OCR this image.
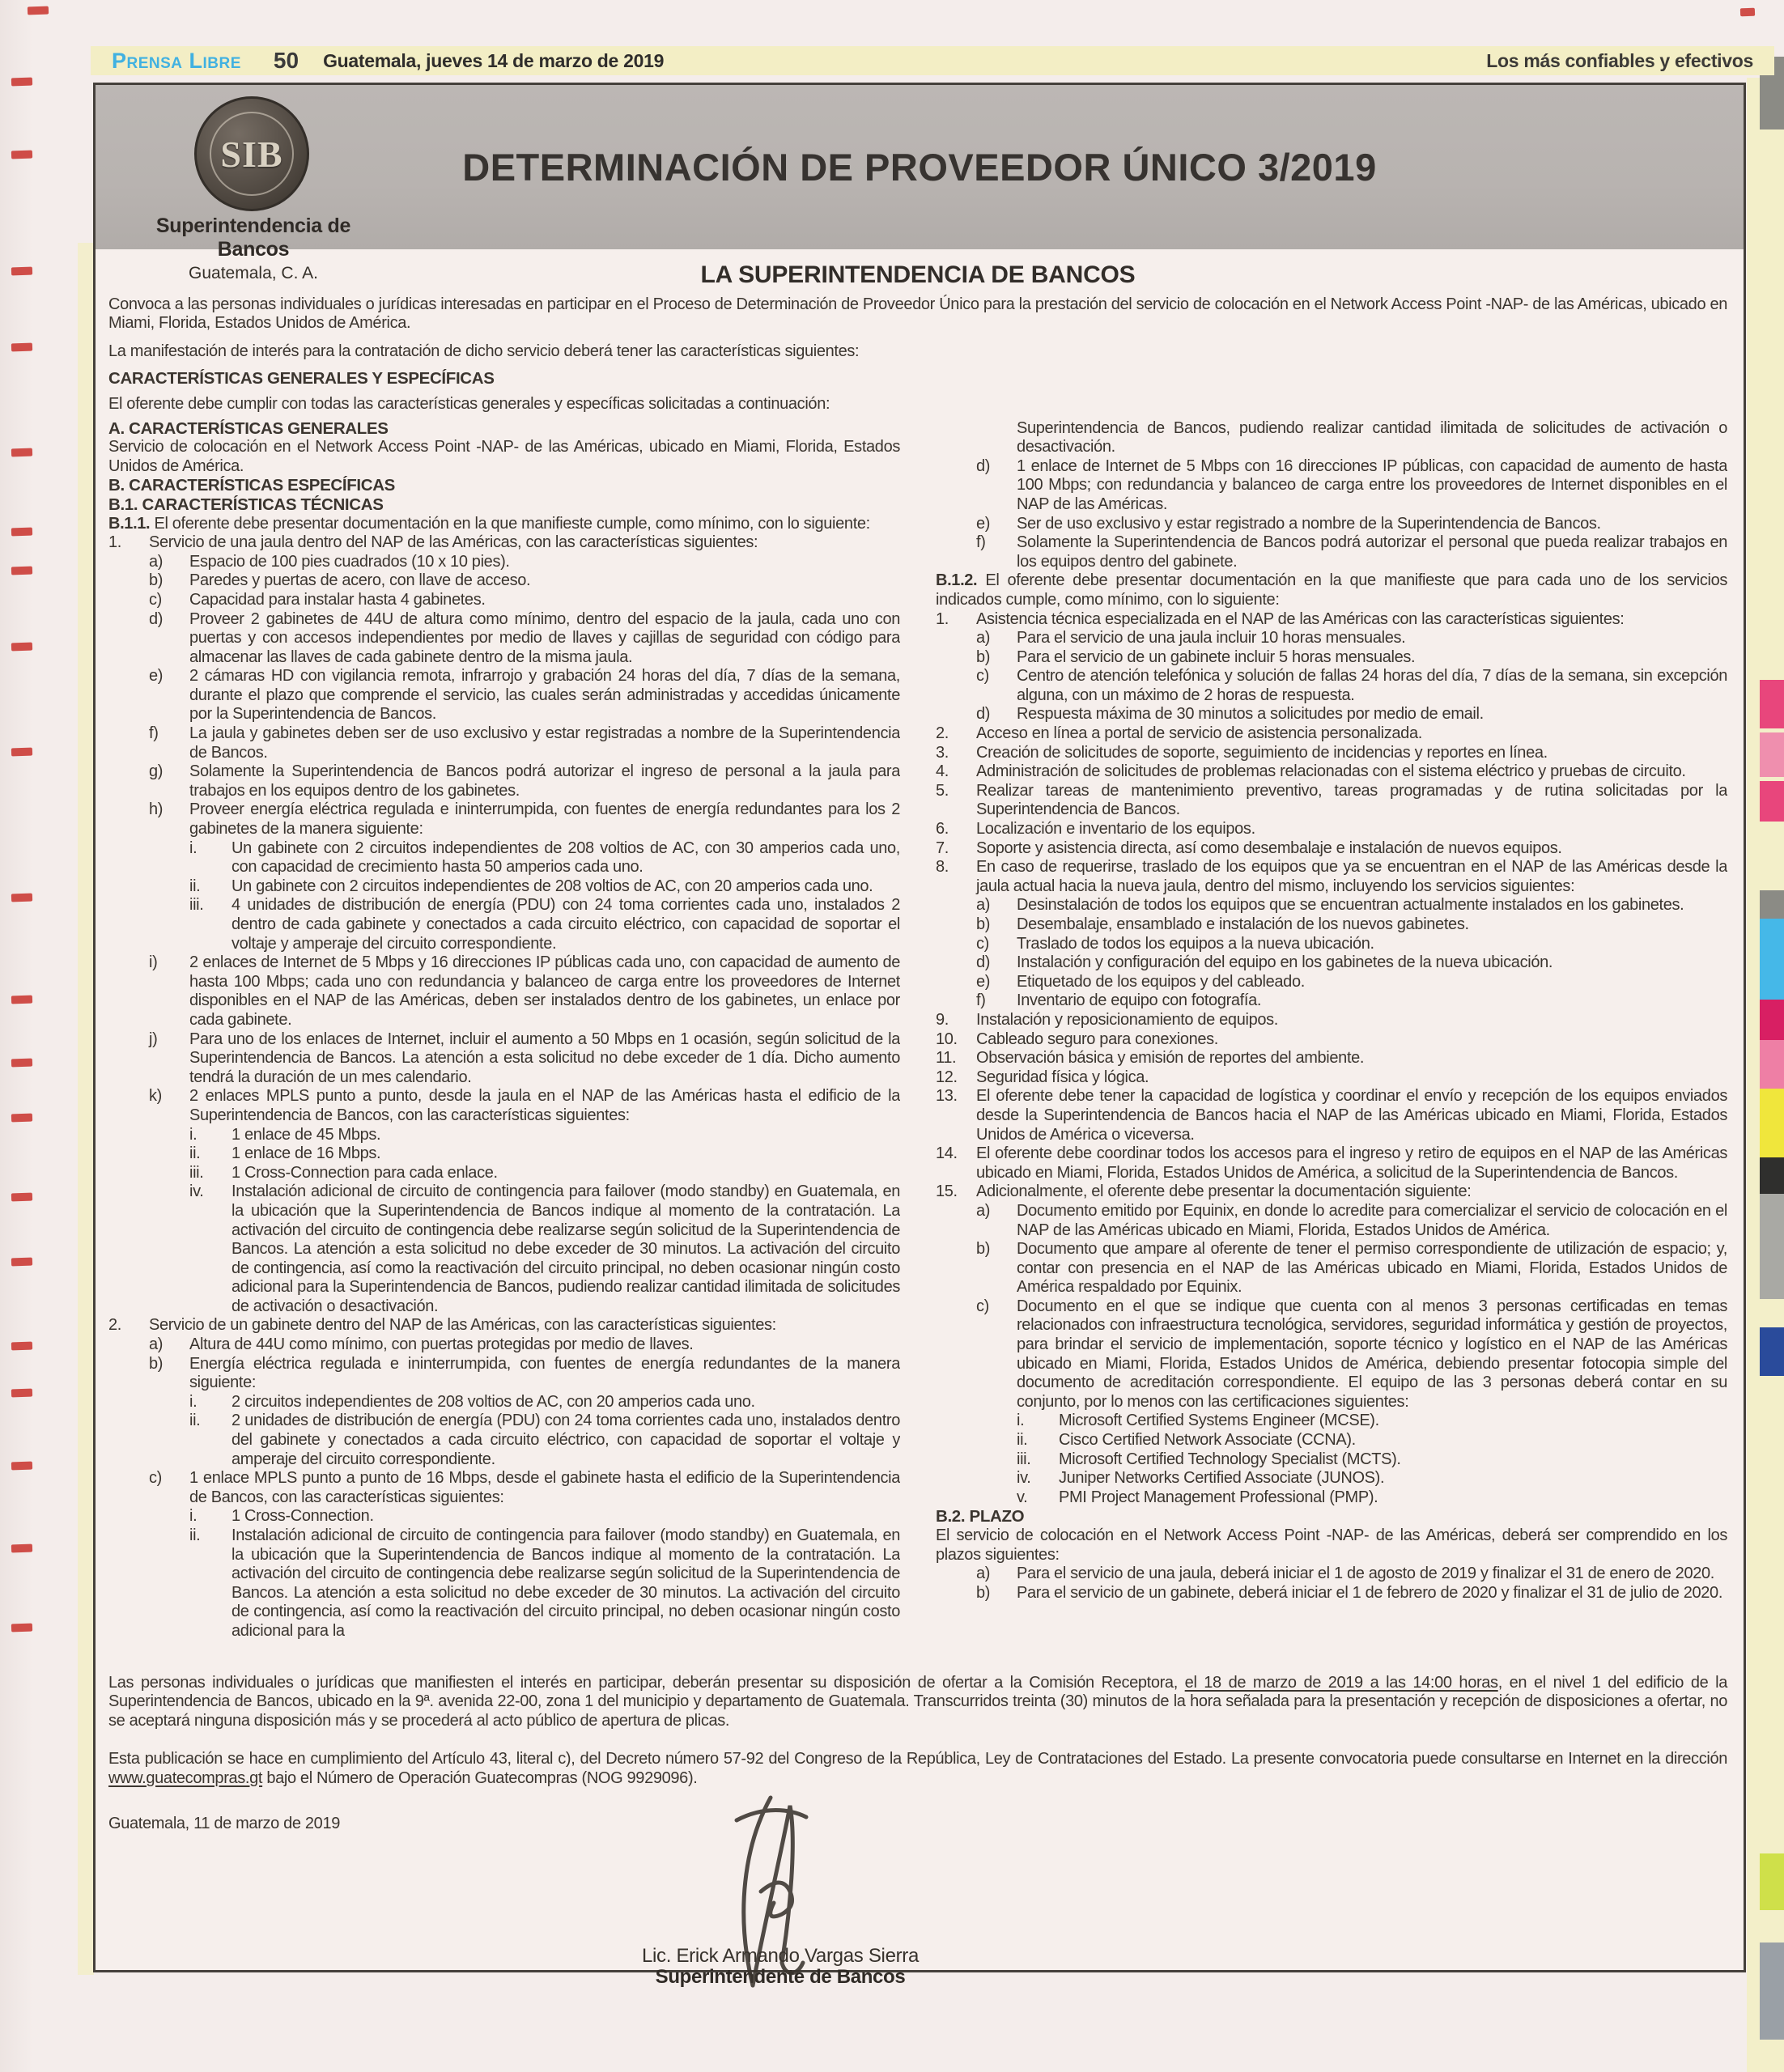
Prensa Libre 50 Guatemala, jueves 14 de marzo de 2019	Los más confiables y efectivos
SIB
Superintendencia de Bancos
Guatemala, C. A.
DETERMINACIÓN DE PROVEEDOR ÚNICO 3/2019
LA SUPERINTENDENCIA DE BANCOS
Convoca a las personas individuales o jurídicas interesadas en participar en el Proceso de Determinación de Proveedor Único para la prestación del servicio de colocación en el Network Access Point -NAP- de las Américas, ubicado en Miami, Florida, Estados Unidos de América.
La manifestación de interés para la contratación de dicho servicio deberá tener las características siguientes:
CARACTERÍSTICAS GENERALES Y ESPECÍFICAS
El oferente debe cumplir con todas las características generales y específicas solicitadas a continuación:
A. CARACTERÍSTICAS GENERALES
Servicio de colocación en el Network Access Point -NAP- de las Américas, ubicado en Miami, Florida, Estados Unidos de América.
B. CARACTERÍSTICAS ESPECÍFICAS
B.1. CARACTERÍSTICAS TÉCNICAS
B.1.1. El oferente debe presentar documentación en la que manifieste cumple, como mínimo, con lo siguiente:
1.	Servicio de una jaula dentro del NAP de las Américas, con las características siguientes:
a)	Espacio de 100 pies cuadrados (10 x 10 pies).
b)	Paredes y puertas de acero, con llave de acceso.
c)	Capacidad para instalar hasta 4 gabinetes.
d)	Proveer 2 gabinetes de 44U de altura como mínimo, dentro del espacio de la jaula, cada uno con puertas y con accesos independientes por medio de llaves y cajillas de seguridad con código para almacenar las llaves de cada gabinete dentro de la misma jaula.
e)	2 cámaras HD con vigilancia remota, infrarrojo y grabación 24 horas del día, 7 días de la semana, durante el plazo que comprende el servicio, las cuales serán administradas y accedidas únicamente por la Superintendencia de Bancos.
f)	La jaula y gabinetes deben ser de uso exclusivo y estar registradas a nombre de la Superintendencia de Bancos.
g)	Solamente la Superintendencia de Bancos podrá autorizar el ingreso de personal a la jaula para trabajos en los equipos dentro de los gabinetes.
h)	Proveer energía eléctrica regulada e ininterrumpida, con fuentes de energía redundantes para los 2 gabinetes de la manera siguiente:
i.	Un gabinete con 2 circuitos independientes de 208 voltios de AC, con 30 amperios cada uno, con capacidad de crecimiento hasta 50 amperios cada uno.
ii.	Un gabinete con 2 circuitos independientes de 208 voltios de AC, con 20 amperios cada uno.
iii.	4 unidades de distribución de energía (PDU) con 24 toma corrientes cada uno, instalados 2 dentro de cada gabinete y conectados a cada circuito eléctrico, con capacidad de soportar el voltaje y amperaje del circuito correspondiente.
i)	2 enlaces de Internet de 5 Mbps y 16 direcciones IP públicas cada uno, con capacidad de aumento de hasta 100 Mbps; cada uno con redundancia y balanceo de carga entre los proveedores de Internet disponibles en el NAP de las Américas, deben ser instalados dentro de los gabinetes, un enlace por cada gabinete.
j)	Para uno de los enlaces de Internet, incluir el aumento a 50 Mbps en 1 ocasión, según solicitud de la Superintendencia de Bancos. La atención a esta solicitud no debe exceder de 1 día. Dicho aumento tendrá la duración de un mes calendario.
k)	2 enlaces MPLS punto a punto, desde la jaula en el NAP de las Américas hasta el edificio de la Superintendencia de Bancos, con las características siguientes:
i.	1 enlace de 45 Mbps.
ii.	1 enlace de 16 Mbps.
iii.	1 Cross-Connection para cada enlace.
iv.	Instalación adicional de circuito de contingencia para failover (modo standby) en Guatemala, en la ubicación que la Superintendencia de Bancos indique al momento de la contratación. La activación del circuito de contingencia debe realizarse según solicitud de la Superintendencia de Bancos. La atención a esta solicitud no debe exceder de 30 minutos. La activación del circuito de contingencia, así como la reactivación del circuito principal, no deben ocasionar ningún costo adicional para la Superintendencia de Bancos, pudiendo realizar cantidad ilimitada de solicitudes de activación o desactivación.
2.	Servicio de un gabinete dentro del NAP de las Américas, con las características siguientes:
a)	Altura de 44U como mínimo, con puertas protegidas por medio de llaves.
b)	Energía eléctrica regulada e ininterrumpida, con fuentes de energía redundantes de la manera siguiente:
i.	2 circuitos independientes de 208 voltios de AC, con 20 amperios cada uno.
ii.	2 unidades de distribución de energía (PDU) con 24 toma corrientes cada uno, instalados dentro del gabinete y conectados a cada circuito eléctrico, con capacidad de soportar el voltaje y amperaje del circuito correspondiente.
c)	1 enlace MPLS punto a punto de 16 Mbps, desde el gabinete hasta el edificio de la Superintendencia de Bancos, con las características siguientes:
i.	1 Cross-Connection.
ii.	Instalación adicional de circuito de contingencia para failover (modo standby) en Guatemala, en la ubicación que la Superintendencia de Bancos indique al momento de la contratación. La activación del circuito de contingencia debe realizarse según solicitud de la Superintendencia de Bancos. La atención a esta solicitud no debe exceder de 30 minutos. La activación del circuito de contingencia, así como la reactivación del circuito principal, no deben ocasionar ningún costo adicional para la
Superintendencia de Bancos, pudiendo realizar cantidad ilimitada de solicitudes de activación o desactivación.
d)	1 enlace de Internet de 5 Mbps con 16 direcciones IP públicas, con capacidad de aumento de hasta 100 Mbps; con redundancia y balanceo de carga entre los proveedores de Internet disponibles en el NAP de las Américas.
e)	Ser de uso exclusivo y estar registrado a nombre de la Superintendencia de Bancos.
f)	Solamente la Superintendencia de Bancos podrá autorizar el personal que pueda realizar trabajos en los equipos dentro del gabinete.
B.1.2. El oferente debe presentar documentación en la que manifieste que para cada uno de los servicios indicados cumple, como mínimo, con lo siguiente:
1.	Asistencia técnica especializada en el NAP de las Américas con las características siguientes:
a)	Para el servicio de una jaula incluir 10 horas mensuales.
b)	Para el servicio de un gabinete incluir 5 horas mensuales.
c)	Centro de atención telefónica y solución de fallas 24 horas del día, 7 días de la semana, sin excepción alguna, con un máximo de 2 horas de respuesta.
d)	Respuesta máxima de 30 minutos a solicitudes por medio de email.
2.	Acceso en línea a portal de servicio de asistencia personalizada.
3.	Creación de solicitudes de soporte, seguimiento de incidencias y reportes en línea.
4.	Administración de solicitudes de problemas relacionadas con el sistema eléctrico y pruebas de circuito.
5.	Realizar tareas de mantenimiento preventivo, tareas programadas y de rutina solicitadas por la Superintendencia de Bancos.
6.	Localización e inventario de los equipos.
7.	Soporte y asistencia directa, así como desembalaje e instalación de nuevos equipos.
8.	En caso de requerirse, traslado de los equipos que ya se encuentran en el NAP de las Américas desde la jaula actual hacia la nueva jaula, dentro del mismo, incluyendo los servicios siguientes:
a)	Desinstalación de todos los equipos que se encuentran actualmente instalados en los gabinetes.
b)	Desembalaje, ensamblado e instalación de los nuevos gabinetes.
c)	Traslado de todos los equipos a la nueva ubicación.
d)	Instalación y configuración del equipo en los gabinetes de la nueva ubicación.
e)	Etiquetado de los equipos y del cableado.
f)	Inventario de equipo con fotografía.
9.	Instalación y reposicionamiento de equipos.
10.	Cableado seguro para conexiones.
11.	Observación básica y emisión de reportes del ambiente.
12.	Seguridad física y lógica.
13.	El oferente debe tener la capacidad de logística y coordinar el envío y recepción de los equipos enviados desde la Superintendencia de Bancos hacia el NAP de las Américas ubicado en Miami, Florida, Estados Unidos de América o viceversa.
14.	El oferente debe coordinar todos los accesos para el ingreso y retiro de equipos en el NAP de las Américas ubicado en Miami, Florida, Estados Unidos de América, a solicitud de la Superintendencia de Bancos.
15.	Adicionalmente, el oferente debe presentar la documentación siguiente:
a)	Documento emitido por Equinix, en donde lo acredite para comercializar el servicio de colocación en el NAP de las Américas ubicado en Miami, Florida, Estados Unidos de América.
b)	Documento que ampare al oferente de tener el permiso correspondiente de utilización de espacio; y, contar con presencia en el NAP de las Américas ubicado en Miami, Florida, Estados Unidos de América respaldado por Equinix.
c)	Documento en el que se indique que cuenta con al menos 3 personas certificadas en temas relacionados con infraestructura tecnológica, servidores, seguridad informática y gestión de proyectos, para brindar el servicio de implementación, soporte técnico y logístico en el NAP de las Américas ubicado en Miami, Florida, Estados Unidos de América, debiendo presentar fotocopia simple del documento de acreditación correspondiente. El equipo de las 3 personas deberá contar en su conjunto, por lo menos con las certificaciones siguientes:
i.	Microsoft Certified Systems Engineer (MCSE).
ii.	Cisco Certified Network Associate (CCNA).
iii.	Microsoft Certified Technology Specialist (MCTS).
iv.	Juniper Networks Certified Associate (JUNOS).
v.	PMI Project Management Professional (PMP).
B.2. PLAZO
El servicio de colocación en el Network Access Point -NAP- de las Américas, deberá ser comprendido en los plazos siguientes:
a)	Para el servicio de una jaula, deberá iniciar el 1 de agosto de 2019 y finalizar el 31 de enero de 2020.
b)	Para el servicio de un gabinete, deberá iniciar el 1 de febrero de 2020 y finalizar el 31 de julio de 2020.
Las personas individuales o jurídicas que manifiesten el interés en participar, deberán presentar su disposición de ofertar a la Comisión Receptora, el 18 de marzo de 2019 a las 14:00 horas, en el nivel 1 del edificio de la Superintendencia de Bancos, ubicado en la 9ª. avenida 22-00, zona 1 del municipio y departamento de Guatemala. Transcurridos treinta (30) minutos de la hora señalada para la presentación y recepción de disposiciones a ofertar, no se aceptará ninguna disposición más y se procederá al acto público de apertura de plicas.
Esta publicación se hace en cumplimiento del Artículo 43, literal c), del Decreto número 57-92 del Congreso de la República, Ley de Contrataciones del Estado. La presente convocatoria puede consultarse en Internet en la dirección www.guatecompras.gt bajo el Número de Operación Guatecompras (NOG 9929096).
Guatemala, 11 de marzo de 2019
Lic. Erick Armando Vargas Sierra
Superintendente de Bancos
